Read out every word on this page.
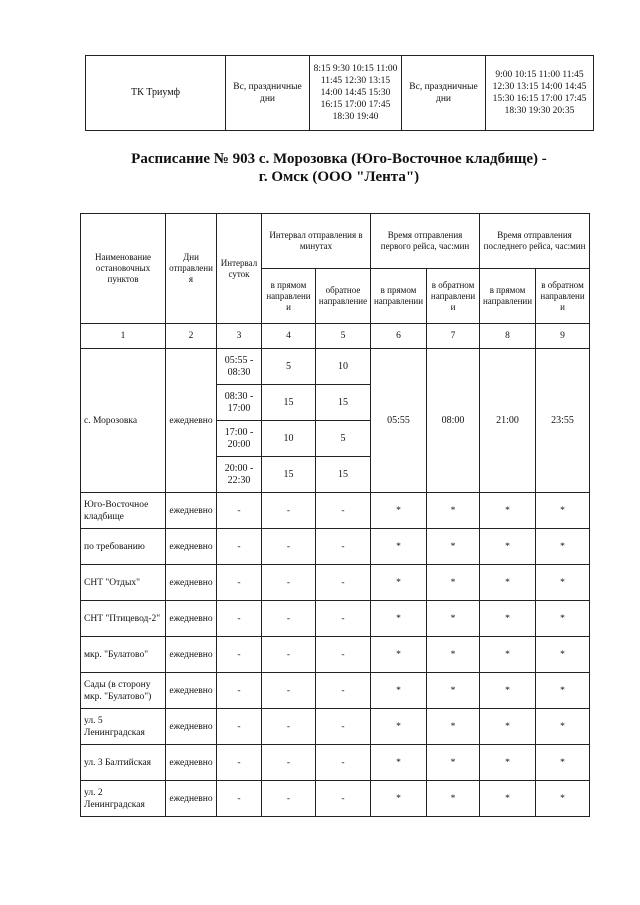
ТК Триумф	Вс, праздничные дни	8:15 9:30 10:15 11:00 11:45 12:30 13:15 14:00 14:45 15:30 16:15 17:00 17:45 18:30 19:40	Вс, праздничные дни	9:00 10:15 11:00 11:45 12:30 13:15 14:00 14:45 15:30 16:15 17:00 17:45 18:30 19:30 20:35
Расписание № 903 с. Морозовка (Юго-Восточное кладбище) -
г. Омск (ООО "Лента")
Наименование остановочных пунктов	Дни отправления	Интервал суток	Интервал отправления в минутах		Время отправления первого рейса, час:мин		Время отправления последнего рейса, час:мин	
			в прямом направлении	обратное направление	в прямом направлении	в обратном направлении	в прямом направлении	в обратном направлении
1	2	3	4	5	6	7	8	9
с. Морозовка	ежедневно	05:55 - 08:30	5	10	05:55	08:00	21:00	23:55
		08:30 - 17:00	15	15				
		17:00 - 20:00	10	5				
		20:00 - 22:30	15	15				
Юго-Восточное кладбище	ежедневно	-	-	-	*	*	*	*
по требованию	ежедневно	-	-	-	*	*	*	*
СНТ "Отдых"	ежедневно	-	-	-	*	*	*	*
СНТ "Птицевод-2"	ежедневно	-	-	-	*	*	*	*
мкр. "Булатово"	ежедневно	-	-	-	*	*	*	*
Сады (в сторону мкр. "Булатово")	ежедневно	-	-	-	*	*	*	*
ул. 5 Ленинградская	ежедневно	-	-	-	*	*	*	*
ул. 3 Балтийская	ежедневно	-	-	-	*	*	*	*
ул. 2 Ленинградская	ежедневно	-	-	-	*	*	*	*
